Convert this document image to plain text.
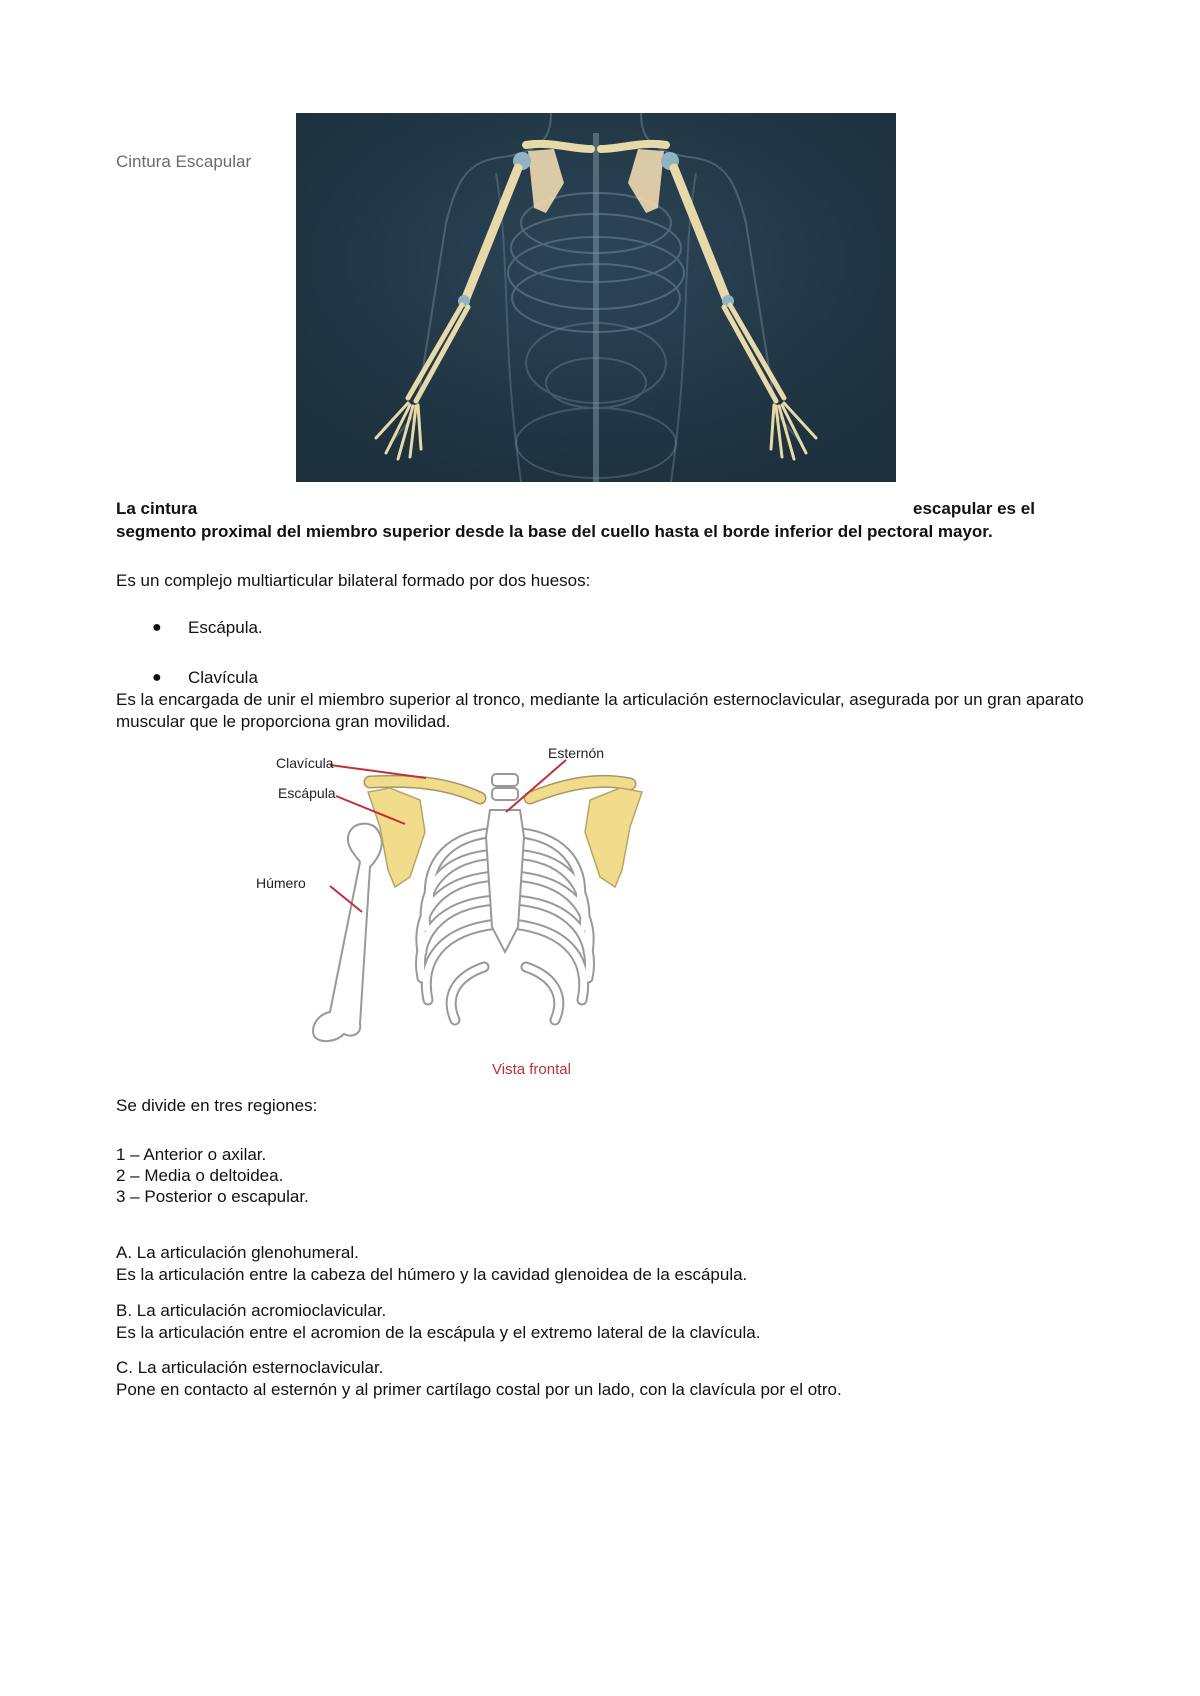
Cintura Escapular
La cintura	escapular es el
segmento proximal del miembro superior desde la base del cuello hasta el borde inferior del pectoral mayor.
Es un complejo multiarticular bilateral formado por dos huesos:
● Escápula.
● Clavícula
Es la encargada de unir el miembro superior al tronco, mediante la articulación esternoclavicular, asegurada por un gran aparato muscular que le proporciona gran movilidad.
Clavícula
Escápula
Húmero
Esternón
Vista frontal
Se divide en tres regiones:
1 – Anterior o axilar.
2 – Media o deltoidea.
3 – Posterior o escapular.
A. La articulación glenohumeral.
Es la articulación entre la cabeza del húmero y la cavidad glenoidea de la escápula.
B. La articulación acromioclavicular.
Es la articulación entre el acromion de la escápula y el extremo lateral de la clavícula.
C. La articulación esternoclavicular.
Pone en contacto al esternón y al primer cartílago costal por un lado, con la clavícula por el otro.
